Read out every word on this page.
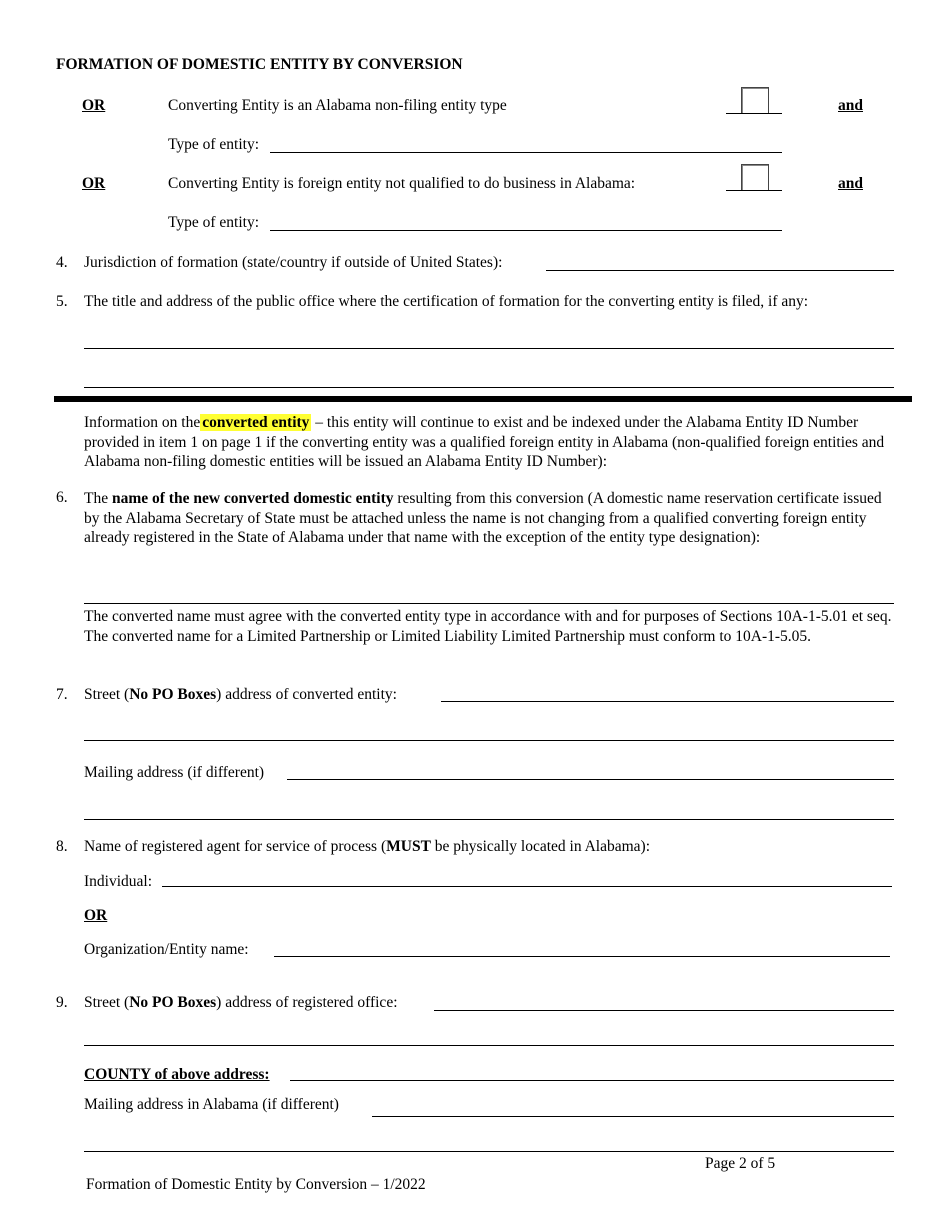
FORMATION OF DOMESTIC ENTITY BY CONVERSION
OR	Converting Entity is an Alabama non-filing entity type	and
Type of entity:
OR	Converting Entity is foreign entity not qualified to do business in Alabama:	and
Type of entity:
4. Jurisdiction of formation (state/country if outside of United States):
5. The title and address of the public office where the certification of formation for the converting entity is filed, if any:
Information on the converted entity – this entity will continue to exist and be indexed under the Alabama Entity ID Number provided in item 1 on page 1 if the converting entity was a qualified foreign entity in Alabama (non-qualified foreign entities and Alabama non-filing domestic entities will be issued an Alabama Entity ID Number):
6. The name of the new converted domestic entity resulting from this conversion (A domestic name reservation certificate issued by the Alabama Secretary of State must be attached unless the name is not changing from a qualified converting foreign entity already registered in the State of Alabama under that name with the exception of the entity type designation):
The converted name must agree with the converted entity type in accordance with and for purposes of Sections 10A-1-5.01 et seq. The converted name for a Limited Partnership or Limited Liability Limited Partnership must conform to 10A-1-5.05.
7. Street (No PO Boxes) address of converted entity:
Mailing address (if different)
8. Name of registered agent for service of process (MUST be physically located in Alabama):
Individual:
OR
Organization/Entity name:
9. Street (No PO Boxes) address of registered office:
COUNTY of above address:
Mailing address in Alabama (if different)
Page 2 of 5
Formation of Domestic Entity by Conversion – 1/2022
